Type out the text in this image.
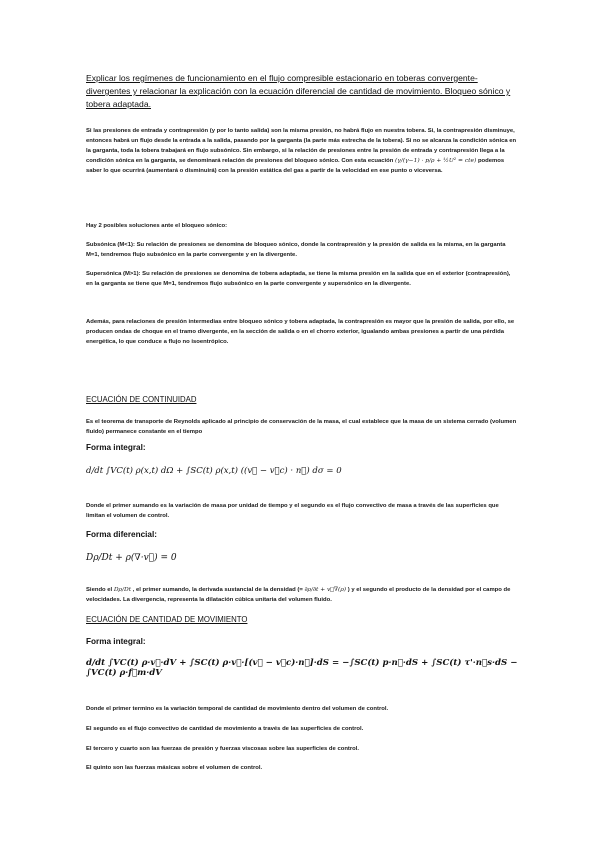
Explicar los regímenes de funcionamiento en el flujo compresible estacionario en toberas convergente-divergentes y relacionar la explicación con la ecuación diferencial de cantidad de movimiento. Bloqueo sónico y tobera adaptada.
Si las presiones de entrada y contrapresión (y por lo tanto salida) son la misma presión, no habrá flujo en nuestra tobera. Si, la contrapresión disminuye, entonces habrá un flujo desde la entrada a la salida, pasando por la garganta (la parte más estrecha de la tobera). Si no se alcanza la condición sónica en la garganta, toda la tobera trabajará en flujo subsónico. Sin embargo, si la relación de presiones entre la presión de entrada y contrapresión llega a la condición sónica en la garganta, se denominará relación de presiones del bloqueo sónico. Con esta ecuación (γ/(γ−1) · p/ρ + ½U² = cte) podemos saber lo que ocurrirá (aumentará o disminuirá) con la presión estática del gas a partir de la velocidad en ese punto o viceversa.
Hay 2 posibles soluciones ante el bloqueo sónico:
Subsónica (M<1): Su relación de presiones se denomina de bloqueo sónico, donde la contrapresión y la presión de salida es la misma, en la garganta M=1, tendremos flujo subsónico en la parte convergente y en la divergente.
Supersónica (M>1): Su relación de presiones se denomina de tobera adaptada, se tiene la misma presión en la salida que en el exterior (contrapresión), en la garganta se tiene que M=1, tendremos flujo subsónico en la parte convergente y supersónico en la divergente.
Además, para relaciones de presión intermedias entre bloqueo sónico y tobera adaptada, la contrapresión es mayor que la presión de salida, por ello, se producen ondas de choque en el tramo divergente, en la sección de salida o en el chorro exterior, igualando ambas presiones a partir de una pérdida energética, lo que conduce a flujo no isoentrópico.
ECUACIÓN DE CONTINUIDAD
Es el teorema de transporte de Reynolds aplicado al principio de conservación de la masa, el cual establece que la masa de un sistema cerrado (volumen fluido) permanece constante en el tiempo
Forma integral:
d/dt ∫VC(t) ρ(x,t) dΩ + ∫SC(t) ρ(x,t) ((v⃗ − v⃗c) · n⃗) dσ = 0
Donde el primer sumando es la variación de masa por unidad de tiempo y el segundo es el flujo convectivo de masa a través de las superficies que limitan el volumen de control.
Forma diferencial:
Dρ/Dt + ρ(∇·v⃗) = 0
Siendo el Dρ/Dt , el primer sumando, la derivada sustancial de la densidad (= ∂ρ/∂t + v⃗∇(ρ) ) y el segundo el producto de la densidad por el campo de velocidades. La divergencia, representa la dilatación cúbica unitaria del volumen fluido.
ECUACIÓN DE CANTIDAD DE MOVIMIENTO
Forma integral:
d/dt ∫VC(t) ρ·v⃗·dV + ∫SC(t) ρ·v⃗·[(v⃗ − v⃗c)·n⃗]·dS = −∫SC(t) p·n⃗·dS + ∫SC(t) τ'·n⃗s·dS − ∫VC(t) ρ·f⃗m·dV
Donde el primer termino es la variación temporal de cantidad de movimiento dentro del volumen de control.
El segundo es el flujo convectivo de cantidad de movimiento a través de las superficies de control.
El tercero y cuarto son las fuerzas de presión y fuerzas viscosas sobre las superficies de control.
El quinto son las fuerzas másicas sobre el volumen de control.
